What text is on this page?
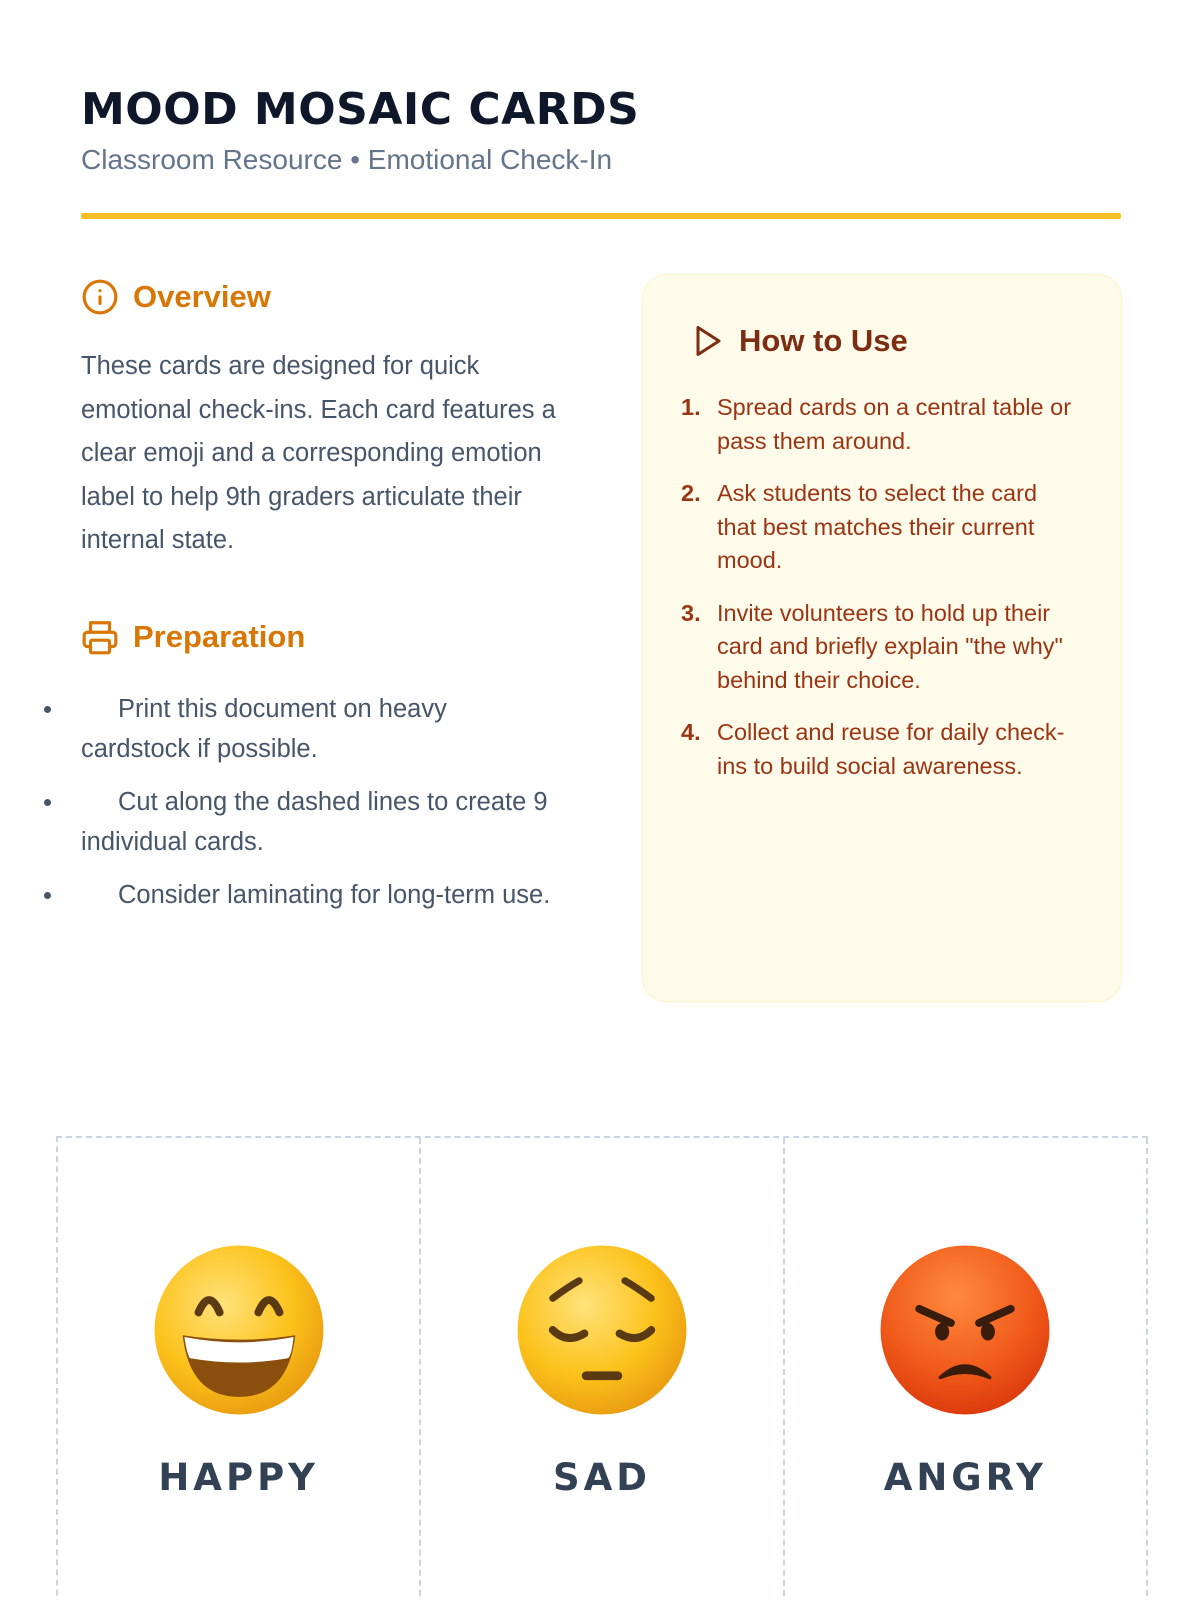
MOOD MOSAIC CARDS
Classroom Resource • Emotional Check-In
Overview

These cards are designed for quick emotional check-ins. Each card features a clear emoji and a corresponding emotion label to help 9th graders articulate their internal state.

Preparation
Print this document on heavy cardstock if possible.
Cut along the dashed lines to create 9 individual cards.
Consider laminating for long-term use.
How to Use
1. Spread cards on a central table or pass them around.
2. Ask students to select the card that best matches their current mood.
3. Invite volunteers to hold up their card and briefly explain "the why" behind their choice.
4. Collect and reuse for daily check-ins to build social awareness.
HAPPY	SAD	ANGRY
